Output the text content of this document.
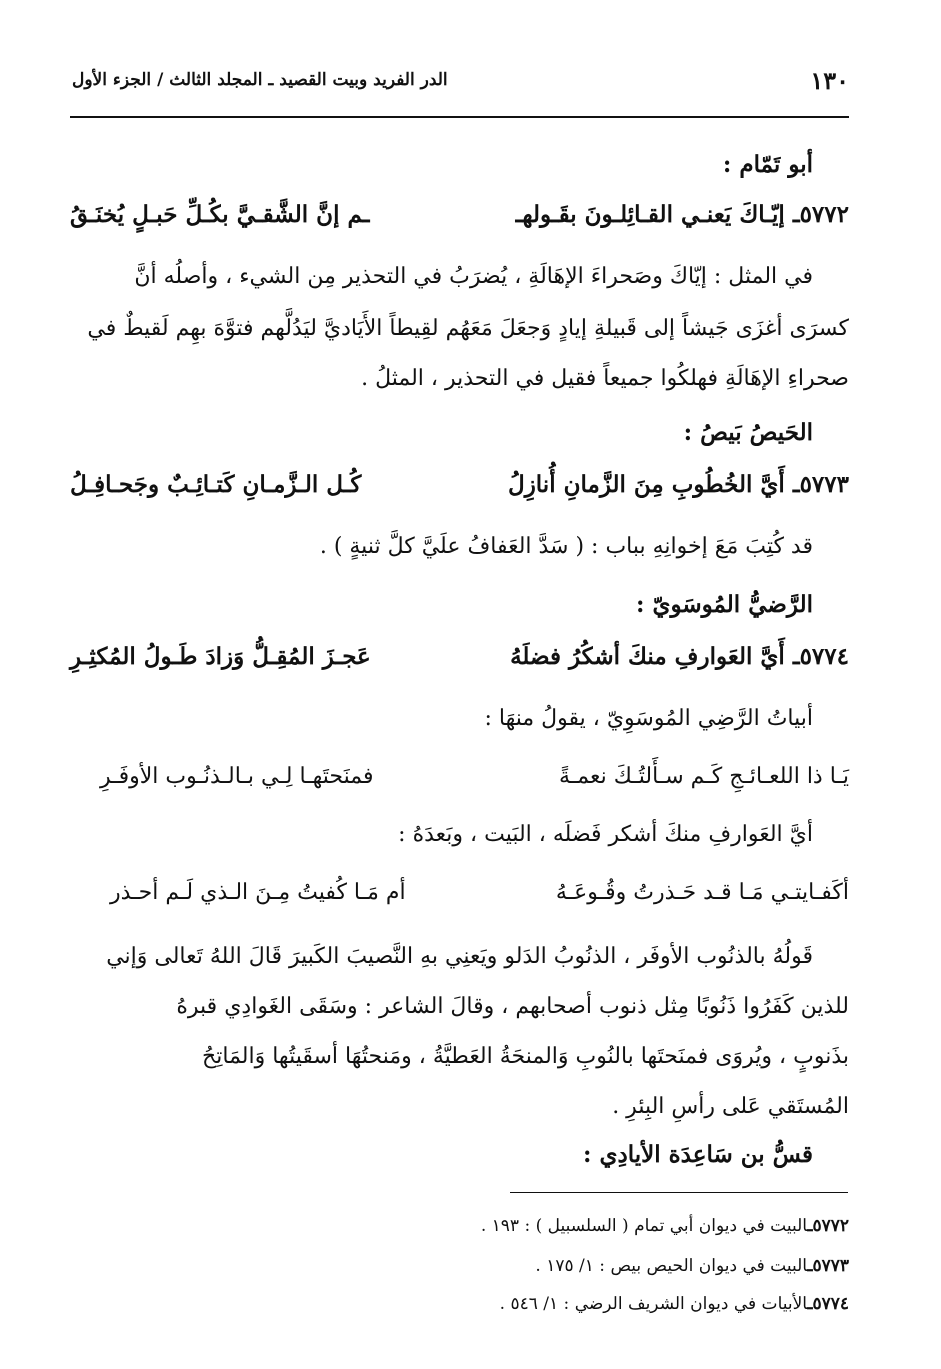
١٣٠
الدر الفريد وبيت القصيد ـ المجلد الثالث / الجزء الأول
أبو تَمّام :
٥٧٧٢ـ إيّـاكَ يَعنـي القـائِلـونَ بقَـولهـ
ـم إنَّ الشَّقـيَّ بكُـلِّ حَبـلٍ يُخنَـقُ
في المثل : إيّاكَ وصَحراءَ الإهَالَةِ ، يُضرَبُ في التحذير مِن الشيء ، وأصلُه أنَّ
كسرَى أغزَى جَيشاً إلى قَبيلةِ إيادٍ وَجعَلَ مَعَهُم لقِيطاً الأَيَاديَّ ليَدُلَّهم فتوَّهَ بهِم لَقيطٌ في
صحراءِ الإهَالَةِ فهلكُوا جميعاً فقيل في التحذير ، المثلُ .
الحَيصُ بَيصُ :
٥٧٧٣ـ أَيَّ الخُطُوبِ مِنَ الزَّمانِ أُنازِلُ
كُـل الـزَّمـانِ كَتـائِـبٌ وجَحـافِـلُ
قد كُتِبَ مَعَ إخوانِهِ بباب : ( سَدَّ العَفافُ علَيَّ كلَّ ثنيةٍ ) .
الرَّضيُّ المُوسَويّ :
٥٧٧٤ـ أَيَّ العَوارفِ منكَ أشكُرُ فضلَهُ
عَجـزَ المُقِـلُّ وَزادَ طَـولُ المُكثِـرِ
أبياتُ الرَّضِي المُوسَوِيّ ، يقولُ منهَا :
يَـا ذا اللعـائـجِ كَـم سـأَلتُـكَ نعمـةً
فمنَحتَهـا لِـي بـالـذنُـوب الأوفَـرِ
أيَّ العَوارفِ منكَ أشكر فَضلَه ، البَيت ، وبَعدَهُ :
أكَفـايتـي مَـا قـد حَـذرتُ وقُـوعَـهُ
أم مَـا كُفيتُ مِـنَ الـذي لَـم أحـذر
قَولُهُ بالذنُوب الأوفَر ، الذنُوبُ الدَلو ويَعنِي بهِ النَّصيبَ الكَبيرَ قَالَ اللهُ تَعالى وَإني
للذين كَفَرُوا ذَنُوبًا مِثل ذنوب أصحابهم ، وقالَ الشاعر : وسَقَى الغَوادِي قبرهُ
بذَنوبٍ ، ويُروَى فمنَحتَها بالنُوبِ وَالمنحَةُ العَطيَّةُ ، ومَنحتُهَا أسقَيتُها وَالمَاتِحُ
المُستَقي عَلى رأسِ البِئرِ .
قسُّ بن سَاعِدَة الأيادِي :
٥٧٧٢ـالبيت في ديوان أبي تمام ( السلسبيل ) : ١٩٣ .
٥٧٧٣ـالبيت في ديوان الحيص بيص : ١/ ١٧٥ .
٥٧٧٤ـالأبيات في ديوان الشريف الرضي : ١/ ٥٤٦ .
